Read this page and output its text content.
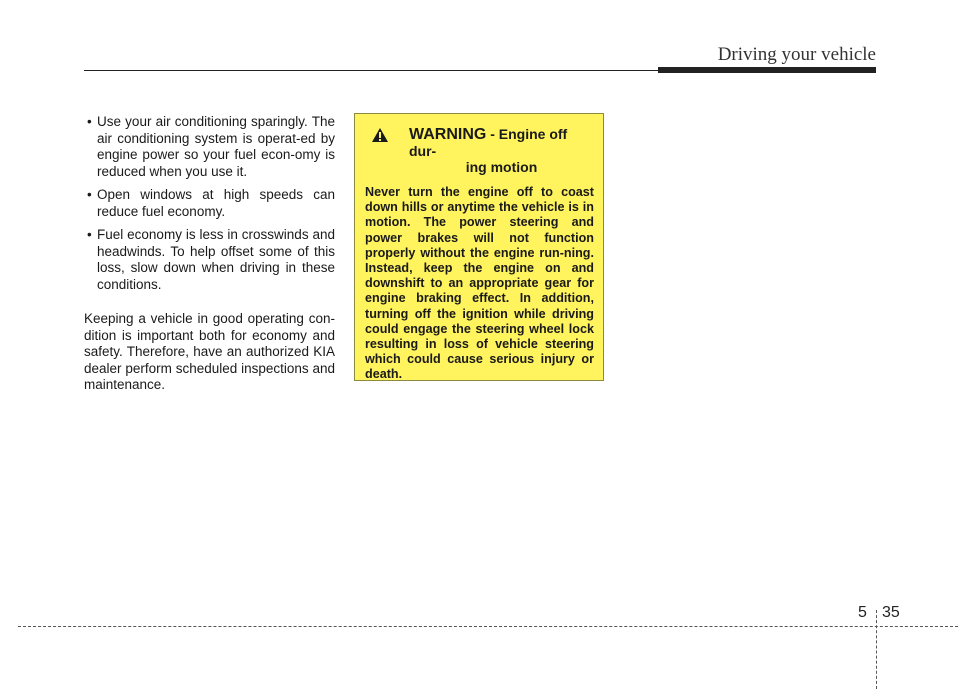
Driving your vehicle
• Use your air conditioning sparingly. The air conditioning system is operat-ed by engine power so your fuel econ-omy is reduced when you use it.
• Open windows at high speeds can reduce fuel economy.
• Fuel economy is less in crosswinds and headwinds. To help offset some of this loss, slow down when driving in these conditions.

Keeping a vehicle in good operating con-dition is important both for economy and safety. Therefore, have an authorized KIA dealer perform scheduled inspections and maintenance.

WARNING - Engine off dur-
ing motion
Never turn the engine off to coast down hills or anytime the vehicle is in motion. The power steering and power brakes will not function properly without the engine run-ning. Instead, keep the engine on and downshift to an appropriate gear for engine braking effect. In addition, turning off the ignition while driving could engage the steering wheel lock resulting in loss of vehicle steering which could cause serious injury or death.
5 35
